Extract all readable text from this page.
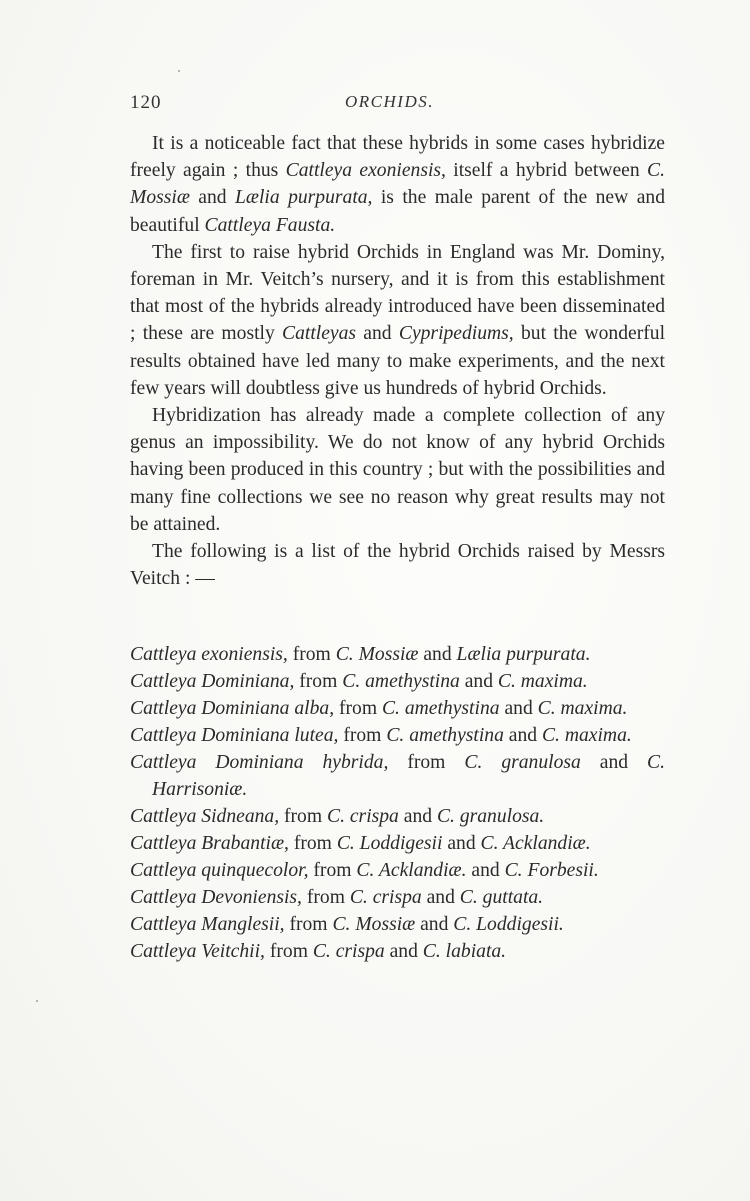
120	ORCHIDS.

It is a noticeable fact that these hybrids in some cases hybridize freely again ; thus Cattleya exoniensis, itself a hybrid between C. Mossiæ and Lælia purpurata, is the male parent of the new and beautiful Cattleya Fausta.

The first to raise hybrid Orchids in England was Mr. Dominy, foreman in Mr. Veitch’s nursery, and it is from this establishment that most of the hybrids already introduced have been disseminated ; these are mostly Cattleyas and Cypripediums, but the wonderful results obtained have led many to make experiments, and the next few years will doubtless give us hundreds of hybrid Orchids.

Hybridization has already made a complete collection of any genus an impossibility. We do not know of any hybrid Orchids having been produced in this country ; but with the possibilities and many fine collections we see no reason why great results may not be attained.

The following is a list of the hybrid Orchids raised by Messrs Veitch : —

Cattleya exoniensis, from C. Mossiæ and Lælia purpurata.

Cattleya Dominiana, from C. amethystina and C. maxima.

Cattleya Dominiana alba, from C. amethystina and C. maxima.

Cattleya Dominiana lutea, from C. amethystina and C. maxima.

Cattleya Dominiana hybrida, from C. granulosa and C. Harrisoniæ.

Cattleya Sidneana, from C. crispa and C. granulosa.

Cattleya Brabantiæ, from C. Loddigesii and C. Acklandiæ.

Cattleya quinquecolor, from C. Acklandiæ. and C. Forbesii.

Cattleya Devoniensis, from C. crispa and C. guttata.

Cattleya Manglesii, from C. Mossiæ and C. Loddigesii.

Cattleya Veitchii, from C. crispa and C. labiata.
